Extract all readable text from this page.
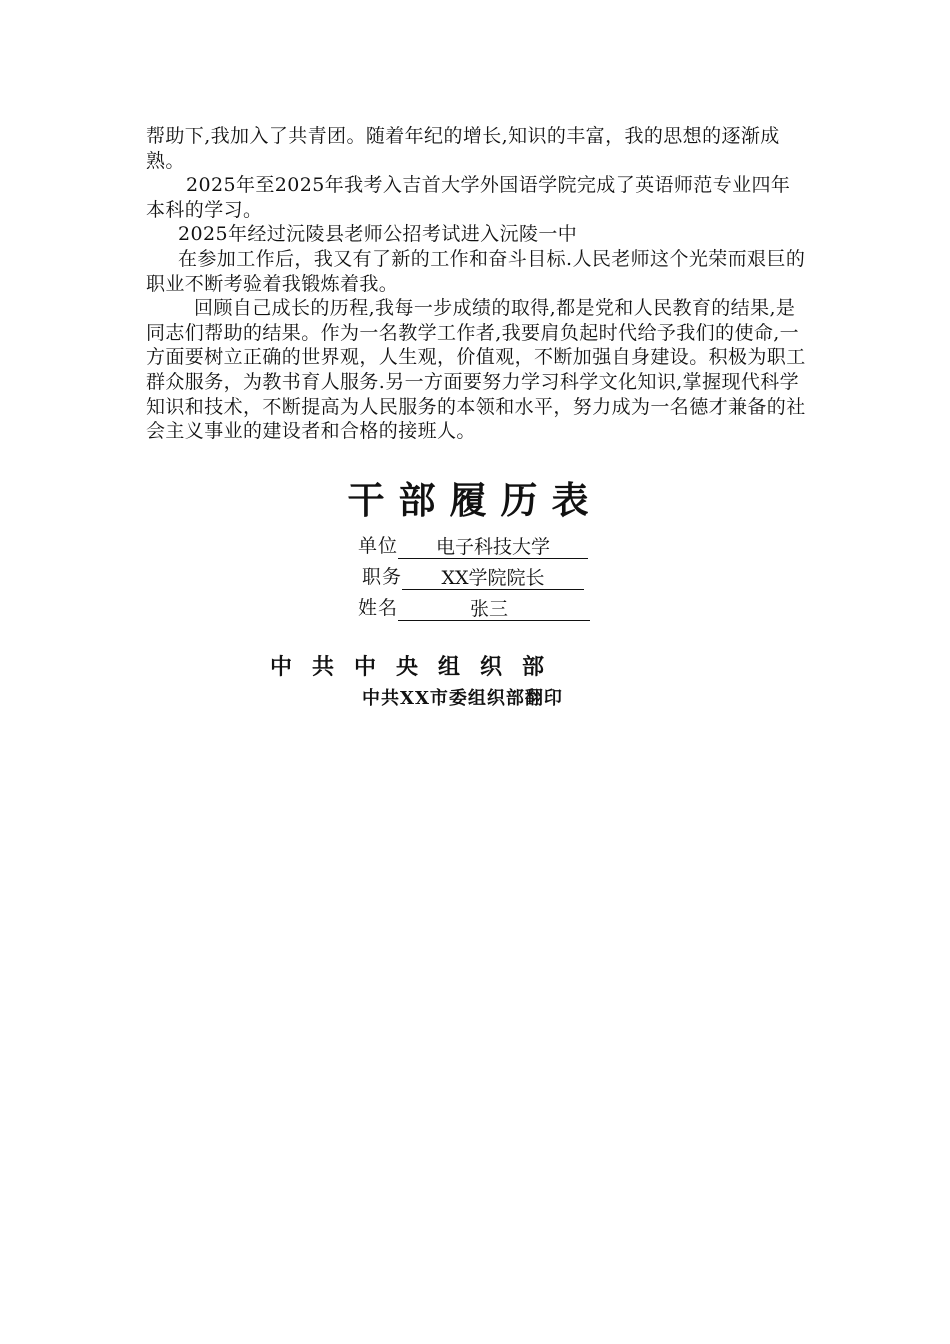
帮助下,我加入了共青团。随着年纪的增长,知识的丰富，我的思想的逐渐成熟。

2025年至2025年我考入吉首大学外国语学院完成了英语师范专业四年本科的学习。

2025年经过沅陵县老师公招考试进入沅陵一中

在参加工作后，我又有了新的工作和奋斗目标.人民老师这个光荣而艰巨的职业不断考验着我锻炼着我。

回顾自己成长的历程,我每一步成绩的取得,都是党和人民教育的结果,是同志们帮助的结果。作为一名教学工作者,我要肩负起时代给予我们的使命,一方面要树立正确的世界观，人生观，价值观，不断加强自身建设。积极为职工群众服务，为教书育人服务.另一方面要努力学习科学文化知识,掌握现代科学知识和技术，不断提高为人民服务的本领和水平，努力成为一名德才兼备的社会主义事业的建设者和合格的接班人。

干部履历表
单位	电子科技大学
职务	XX学院院长
姓名	张三
中共中央组织部
中共XX市委组织部翻印
